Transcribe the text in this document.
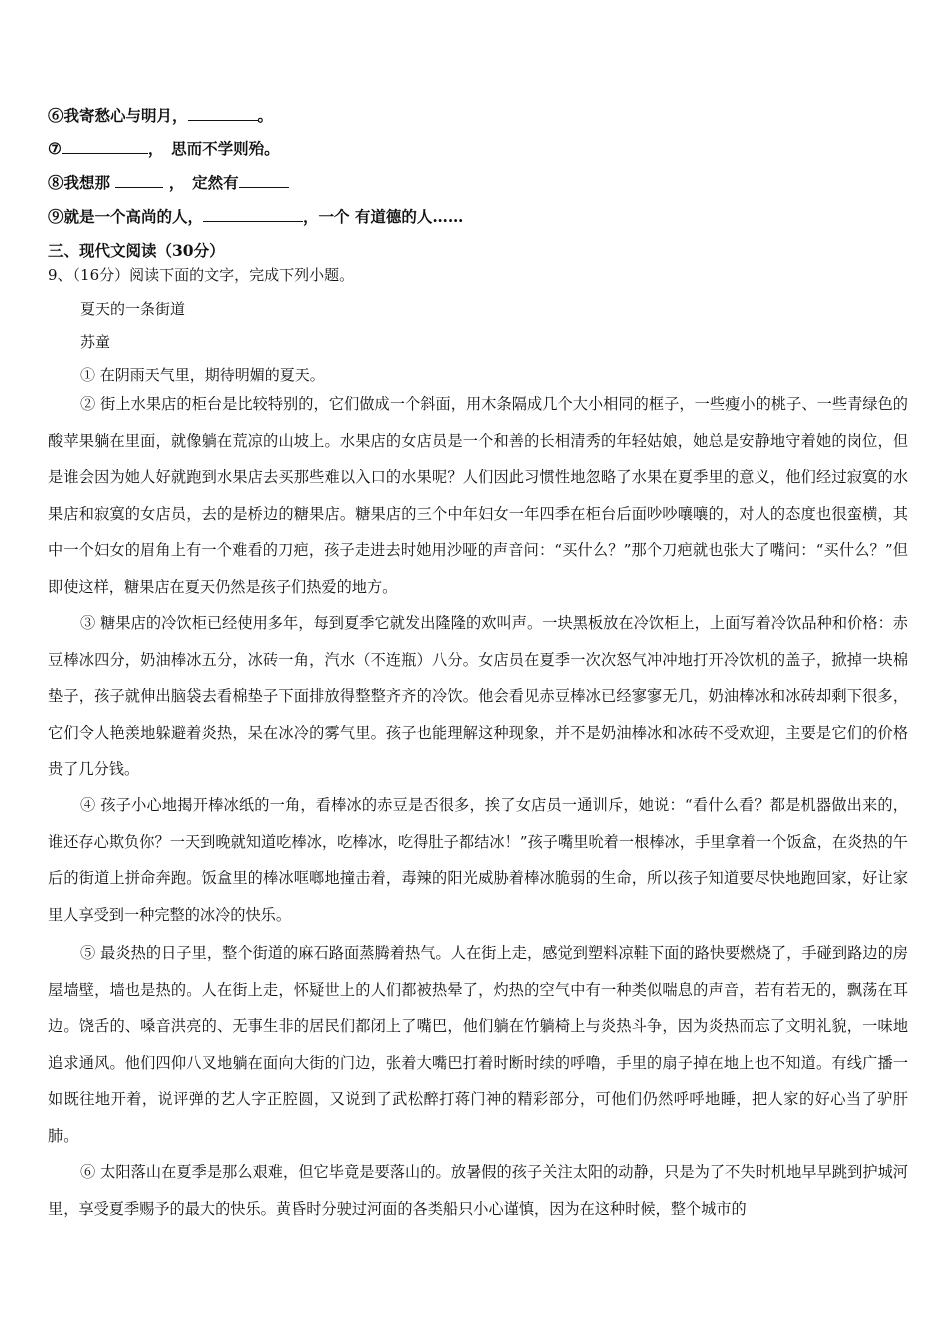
⑥我寄愁心与明月，	。
⑦	，　思而不学则殆。
⑧我想那	，　定然有
⑨就是一个高尚的人，	，一个 有道德的人……
三、现代文阅读（30分）
9、（16分）阅读下面的文字，完成下列小题。
夏天的一条街道
苏童
① 在阴雨天气里，期待明媚的夏天。

② 街上水果店的柜台是比较特别的，它们做成一个斜面，用木条隔成几个大小相同的框子，一些瘦小的桃子、一些青绿色的酸苹果躺在里面，就像躺在荒凉的山坡上。水果店的女店员是一个和善的长相清秀的年轻姑娘，她总是安静地守着她的岗位，但是谁会因为她人好就跑到水果店去买那些难以入口的水果呢？人们因此习惯性地忽略了水果在夏季里的意义，他们经过寂寞的水果店和寂寞的女店员，去的是桥边的糖果店。糖果店的三个中年妇女一年四季在柜台后面吵吵嚷嚷的，对人的态度也很蛮横，其中一个妇女的眉角上有一个难看的刀疤，孩子走进去时她用沙哑的声音问：“买什么？”那个刀疤就也张大了嘴问：“买什么？”但即使这样，糖果店在夏天仍然是孩子们热爱的地方。

③ 糖果店的冷饮柜已经使用多年，每到夏季它就发出隆隆的欢叫声。一块黑板放在冷饮柜上，上面写着冷饮品种和价格：赤豆棒冰四分，奶油棒冰五分，冰砖一角，汽水（不连瓶）八分。女店员在夏季一次次怒气冲冲地打开冷饮机的盖子，掀掉一块棉垫子，孩子就伸出脑袋去看棉垫子下面排放得整整齐齐的冷饮。他会看见赤豆棒冰已经寥寥无几，奶油棒冰和冰砖却剩下很多，它们令人艳羡地躲避着炎热，呆在冰冷的雾气里。孩子也能理解这种现象，并不是奶油棒冰和冰砖不受欢迎，主要是它们的价格贵了几分钱。

④ 孩子小心地揭开棒冰纸的一角，看棒冰的赤豆是否很多，挨了女店员一通训斥，她说：“看什么看？都是机器做出来的，谁还存心欺负你？一天到晚就知道吃棒冰，吃棒冰，吃得肚子都结冰！”孩子嘴里吮着一根棒冰，手里拿着一个饭盒，在炎热的午后的街道上拼命奔跑。饭盒里的棒冰哐啷地撞击着，毒辣的阳光威胁着棒冰脆弱的生命，所以孩子知道要尽快地跑回家，好让家里人享受到一种完整的冰冷的快乐。

⑤ 最炎热的日子里，整个街道的麻石路面蒸腾着热气。人在街上走，感觉到塑料凉鞋下面的路快要燃烧了，手碰到路边的房屋墙壁，墙也是热的。人在街上走，怀疑世上的人们都被热晕了，灼热的空气中有一种类似喘息的声音，若有若无的，飘荡在耳边。饶舌的、嗓音洪亮的、无事生非的居民们都闭上了嘴巴，他们躺在竹躺椅上与炎热斗争，因为炎热而忘了文明礼貌，一味地追求通风。他们四仰八叉地躺在面向大街的门边，张着大嘴巴打着时断时续的呼噜，手里的扇子掉在地上也不知道。有线广播一如既往地开着，说评弹的艺人字正腔圆，又说到了武松醉打蒋门神的精彩部分，可他们仍然呼呼地睡，把人家的好心当了驴肝肺。

⑥ 太阳落山在夏季是那么艰难，但它毕竟是要落山的。放暑假的孩子关注太阳的动静，只是为了不失时机地早早跳到护城河里，享受夏季赐予的最大的快乐。黄昏时分驶过河面的各类船只小心谨慎，因为在这种时候，整个城市的
